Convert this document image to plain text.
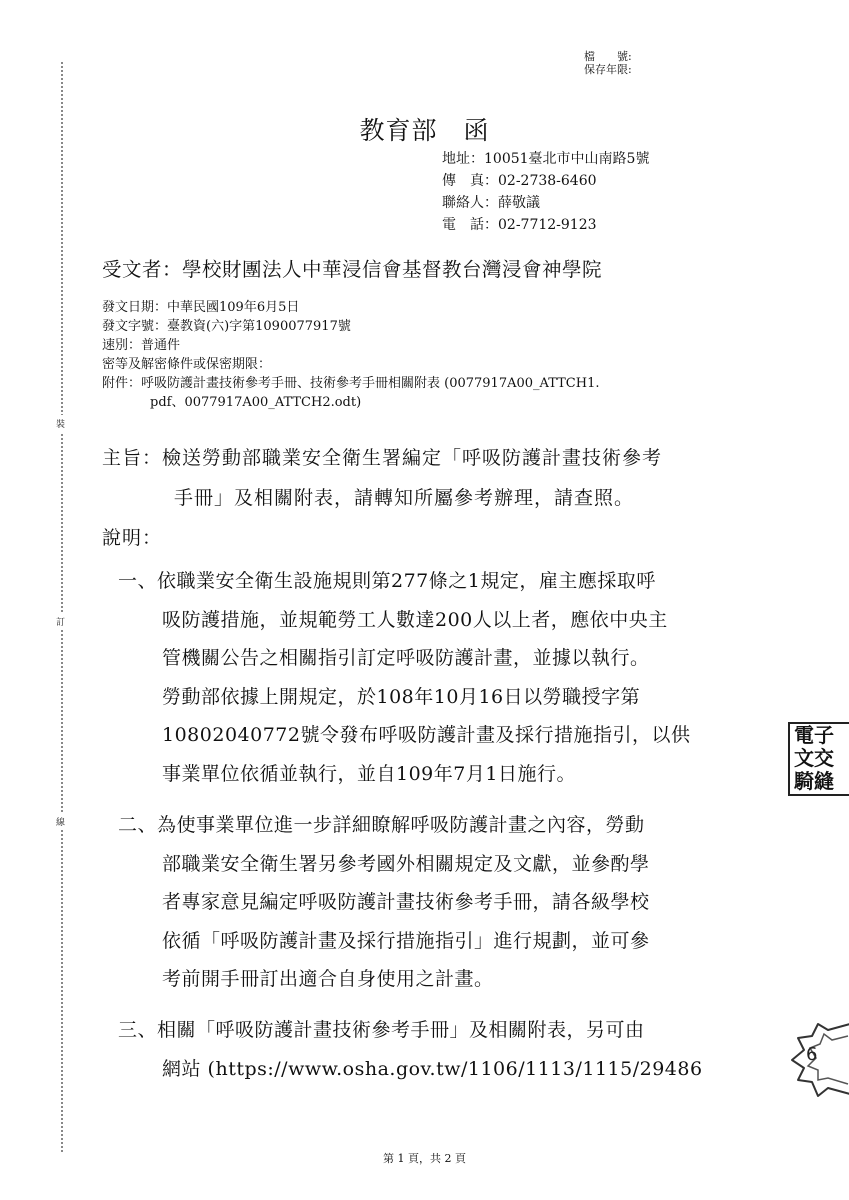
裝
訂
線
檔　　號:
保存年限:
教育部　函
地址：10051臺北市中山南路5號
傳　真：02-2738-6460
聯絡人：薛敬議
電　話：02-7712-9123
受文者：學校財團法人中華浸信會基督教台灣浸會神學院
發文日期：中華民國109年6月5日
發文字號：臺教資(六)字第1090077917號
速別：普通件
密等及解密條件或保密期限：
附件：呼吸防護計畫技術參考手冊、技術參考手冊相關附表 (0077917A00_ATTCH1.
pdf、0077917A00_ATTCH2.odt)
主旨：檢送勞動部職業安全衛生署編定「呼吸防護計畫技術參考
手冊」及相關附表，請轉知所屬參考辦理，請查照。
說明：
一、依職業安全衛生設施規則第277條之1規定，雇主應採取呼
吸防護措施，並規範勞工人數達200人以上者，應依中央主
管機關公告之相關指引訂定呼吸防護計畫，並據以執行。
勞動部依據上開規定，於108年10月16日以勞職授字第
10802040772號令發布呼吸防護計畫及採行措施指引，以供
事業單位依循並執行，並自109年7月1日施行。
二、為使事業單位進一步詳細瞭解呼吸防護計畫之內容，勞動
部職業安全衛生署另參考國外相關規定及文獻，並參酌學
者專家意見編定呼吸防護計畫技術參考手冊，請各級學校
依循「呼吸防護計畫及採行措施指引」進行規劃，並可參
考前開手冊訂出適合自身使用之計畫。
三、相關「呼吸防護計畫技術參考手冊」及相關附表，另可由
網站 (https://www.osha.gov.tw/1106/1113/1115/29486
電子
文交
騎縫
6
第 1 頁，共 2 頁
